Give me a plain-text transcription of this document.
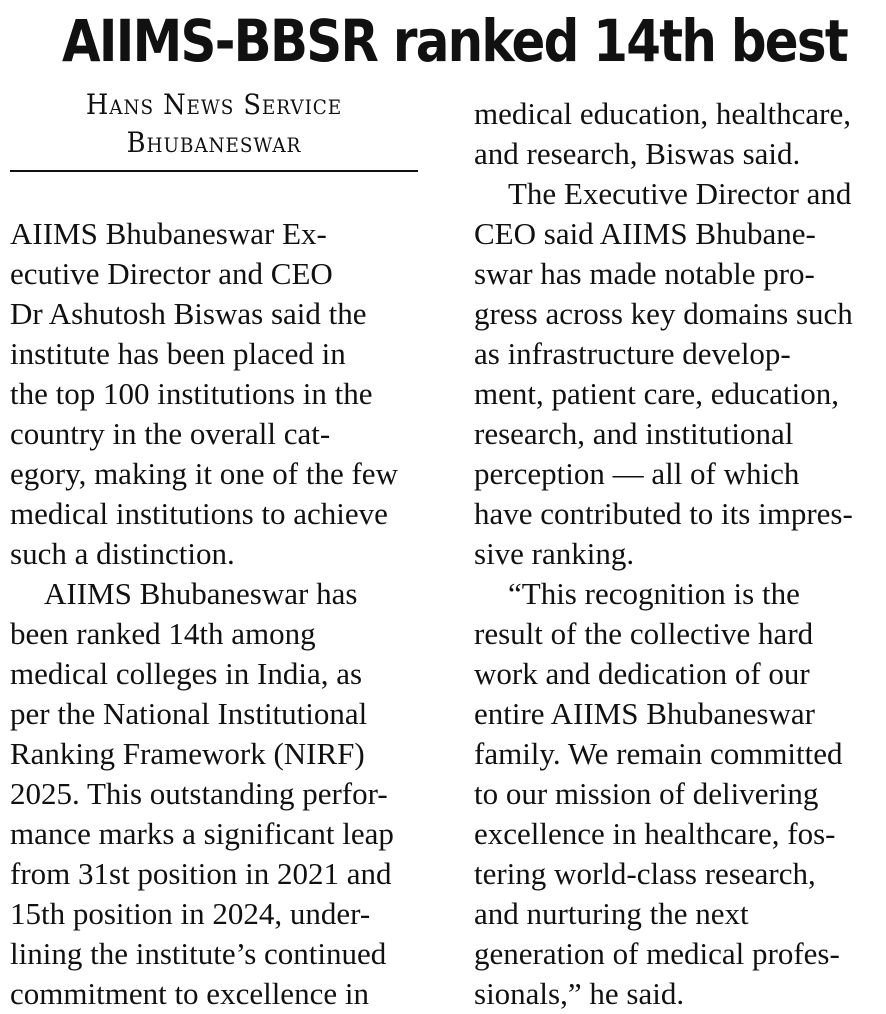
AIIMS-BBSR ranked 14th best
Hans News Service
Bhubaneswar
AIIMS Bhubaneswar Ex-
ecutive Director and CEO
Dr Ashutosh Biswas said the
institute has been placed in
the top 100 institutions in the
country in the overall cat-
egory, making it one of the few
medical institutions to achieve
such a distinction.
AIIMS Bhubaneswar has
been ranked 14th among
medical colleges in India, as
per the National Institutional
Ranking Framework (NIRF)
2025. This outstanding perfor-
mance marks a significant leap
from 31st position in 2021 and
15th position in 2024, under-
lining the institute’s continued
commitment to excellence in
medical education, healthcare,
and research, Biswas said.
The Executive Director and
CEO said AIIMS Bhubane-
swar has made notable pro-
gress across key domains such
as infrastructure develop-
ment, patient care, education,
research, and institutional
perception — all of which
have contributed to its impres-
sive ranking.
“This recognition is the
result of the collective hard
work and dedication of our
entire AIIMS Bhubaneswar
family. We remain committed
to our mission of delivering
excellence in healthcare, fos-
tering world-class research,
and nurturing the next
generation of medical profes-
sionals,” he said.
